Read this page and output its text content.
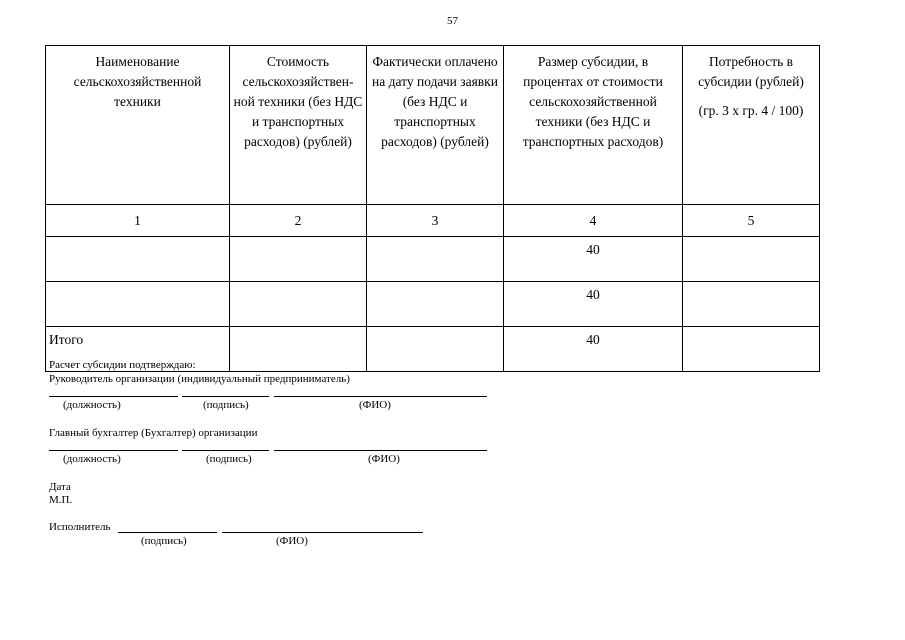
57
Наименование сельскохозяйственной техники	Стоимость сельскохозяйствен-ной техники (без НДС и транспортных расходов) (рублей)	Фактически оплачено на дату подачи заявки (без НДС и транспортных расходов) (рублей)	Размер субсидии, в процентах от стоимости сельскохозяйственной техники (без НДС и транспортных расходов)	Потребность в субсидии (рублей)
(гр. 3 х гр. 4 / 100)

1	2	3	4	5
			40	
			40	
Итого			40	
Расчет субсидии подтверждаю:
Руководитель организации (индивидуальный предприниматель)
(должность)	(подпись)	(ФИО)
Главный бухгалтер (Бухгалтер) организации
(должность)	(подпись)	(ФИО)
Дата
М.П.
Исполнитель
(подпись)	(ФИО)
